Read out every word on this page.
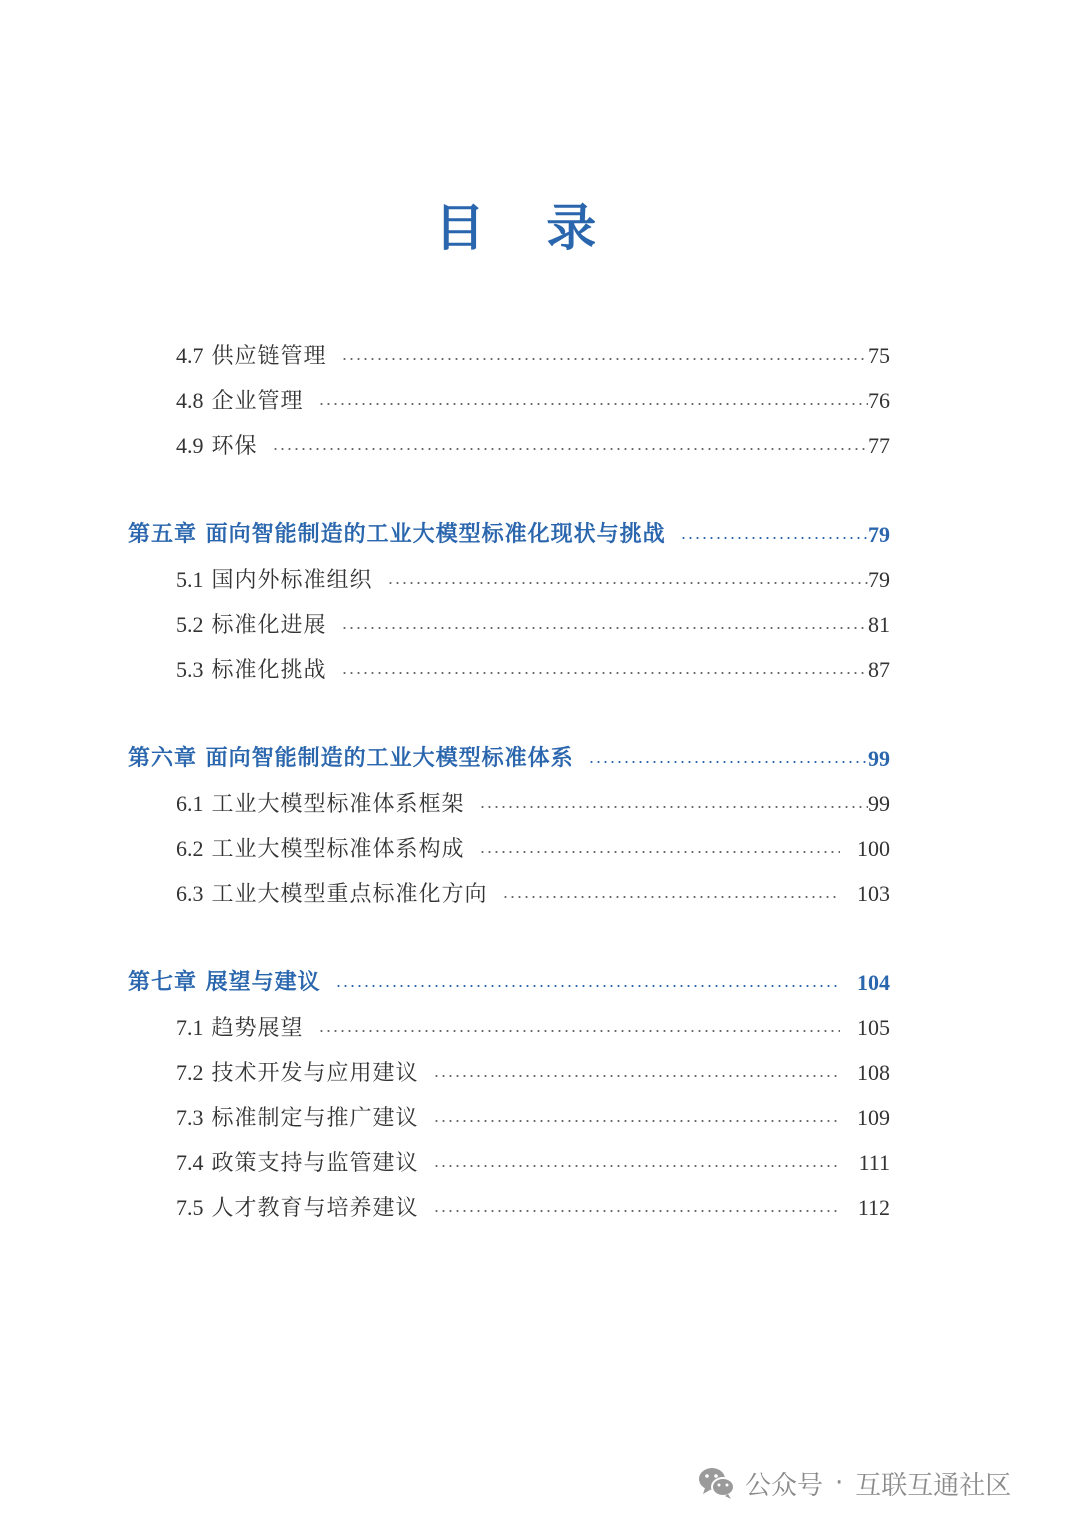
目 录
4.7 供应链管理	75
4.8 企业管理	76
4.9 环保	77
第五章 面向智能制造的工业大模型标准化现状与挑战	79
5.1 国内外标准组织	79
5.2 标准化进展	81
5.3 标准化挑战	87
第六章 面向智能制造的工业大模型标准体系	99
6.1 工业大模型标准体系框架	99
6.2 工业大模型标准体系构成	100
6.3 工业大模型重点标准化方向	103
第七章 展望与建议	104
7.1 趋势展望	105
7.2 技术开发与应用建议	108
7.3 标准制定与推广建议	109
7.4 政策支持与监管建议	111
7.5 人才教育与培养建议	112
公众号 · 互联互通社区
